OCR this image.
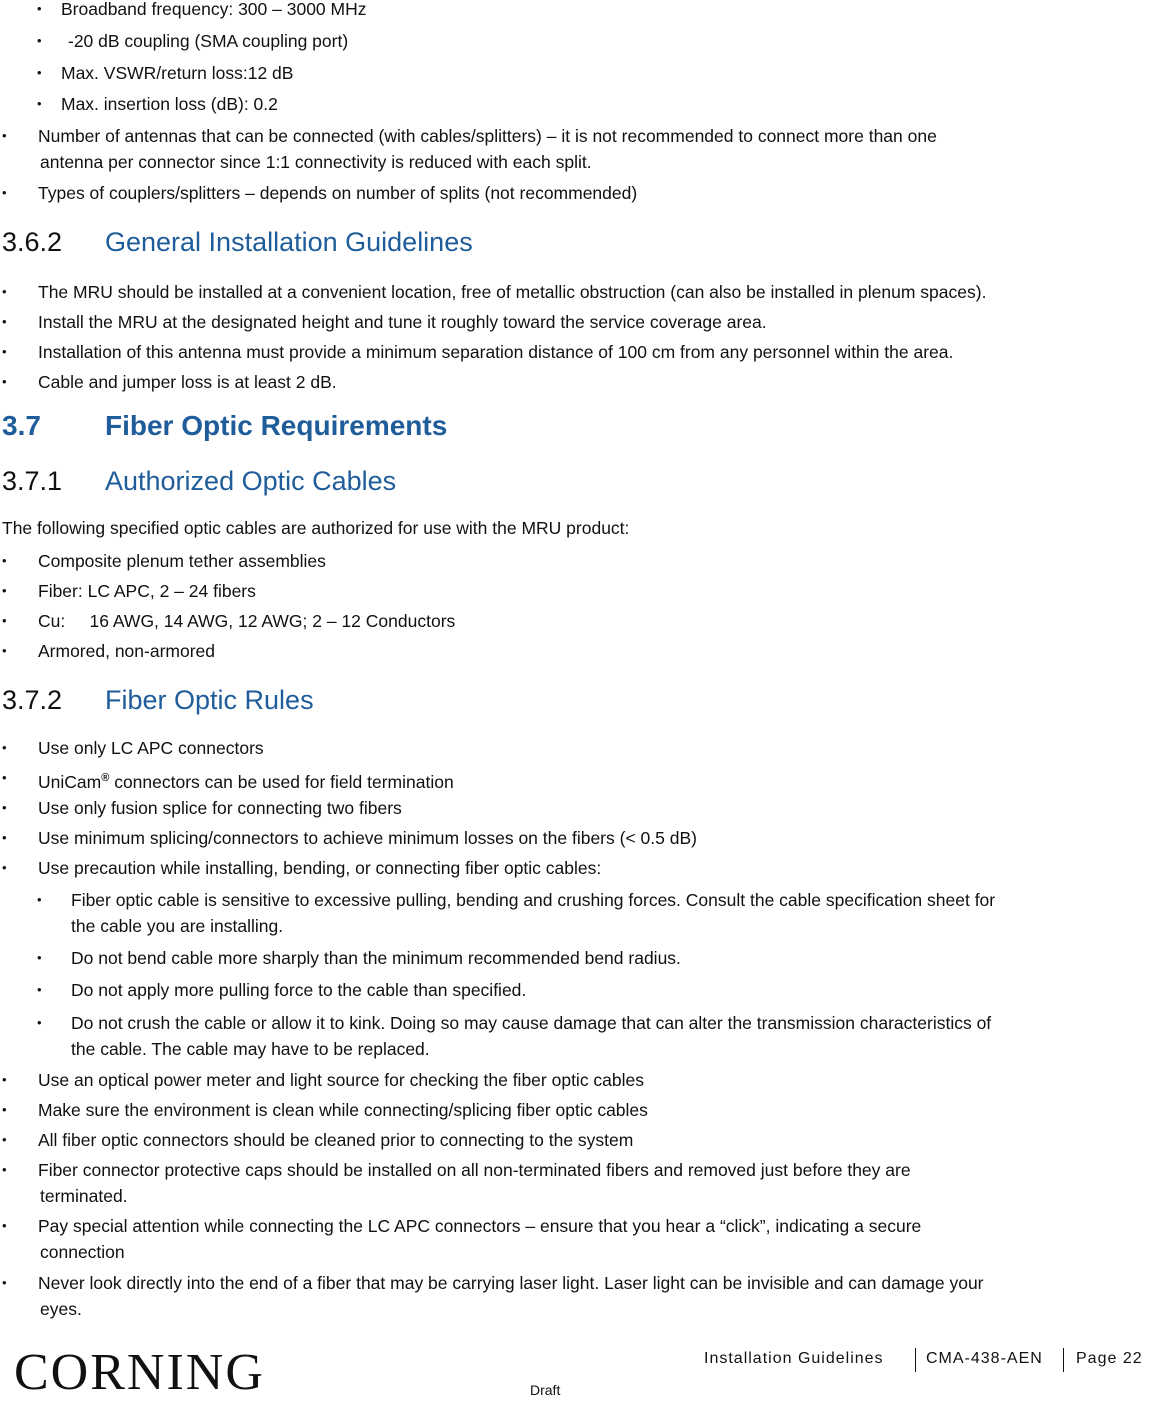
• Broadband frequency: 300 – 3000 MHz
• -20 dB coupling (SMA coupling port)
• Max. VSWR/return loss:12 dB
• Max. insertion loss (dB): 0.2
• Number of antennas that can be connected (with cables/splitters) – it is not recommended to connect more than one
antenna per connector since 1:1 connectivity is reduced with each split.
• Types of couplers/splitters – depends on number of splits (not recommended)
3.6.2 General Installation Guidelines
• The MRU should be installed at a convenient location, free of metallic obstruction (can also be installed in plenum spaces).
• Install the MRU at the designated height and tune it roughly toward the service coverage area.
• Installation of this antenna must provide a minimum separation distance of 100 cm from any personnel within the area.
• Cable and jumper loss is at least 2 dB.
3.7 Fiber Optic Requirements
3.7.1 Authorized Optic Cables
The following specified optic cables are authorized for use with the MRU product:
• Composite plenum tether assemblies
• Fiber: LC APC, 2 – 24 fibers
• Cu:     16 AWG, 14 AWG, 12 AWG; 2 – 12 Conductors
• Armored, non-armored
3.7.2 Fiber Optic Rules
• Use only LC APC connectors
• UniCam® connectors can be used for field termination
• Use only fusion splice for connecting two fibers
• Use minimum splicing/connectors to achieve minimum losses on the fibers (< 0.5 dB)
• Use precaution while installing, bending, or connecting fiber optic cables:
• Fiber optic cable is sensitive to excessive pulling, bending and crushing forces. Consult the cable specification sheet for
the cable you are installing.
• Do not bend cable more sharply than the minimum recommended bend radius.
• Do not apply more pulling force to the cable than specified.
• Do not crush the cable or allow it to kink. Doing so may cause damage that can alter the transmission characteristics of
the cable. The cable may have to be replaced.
• Use an optical power meter and light source for checking the fiber optic cables
• Make sure the environment is clean while connecting/splicing fiber optic cables
• All fiber optic connectors should be cleaned prior to connecting to the system
• Fiber connector protective caps should be installed on all non-terminated fibers and removed just before they are
terminated.
• Pay special attention while connecting the LC APC connectors – ensure that you hear a “click”, indicating a secure
connection
• Never look directly into the end of a fiber that may be carrying laser light. Laser light can be invisible and can damage your
eyes.
CORNING	Installation Guidelines	CMA-438-AEN Page 22
Draft
